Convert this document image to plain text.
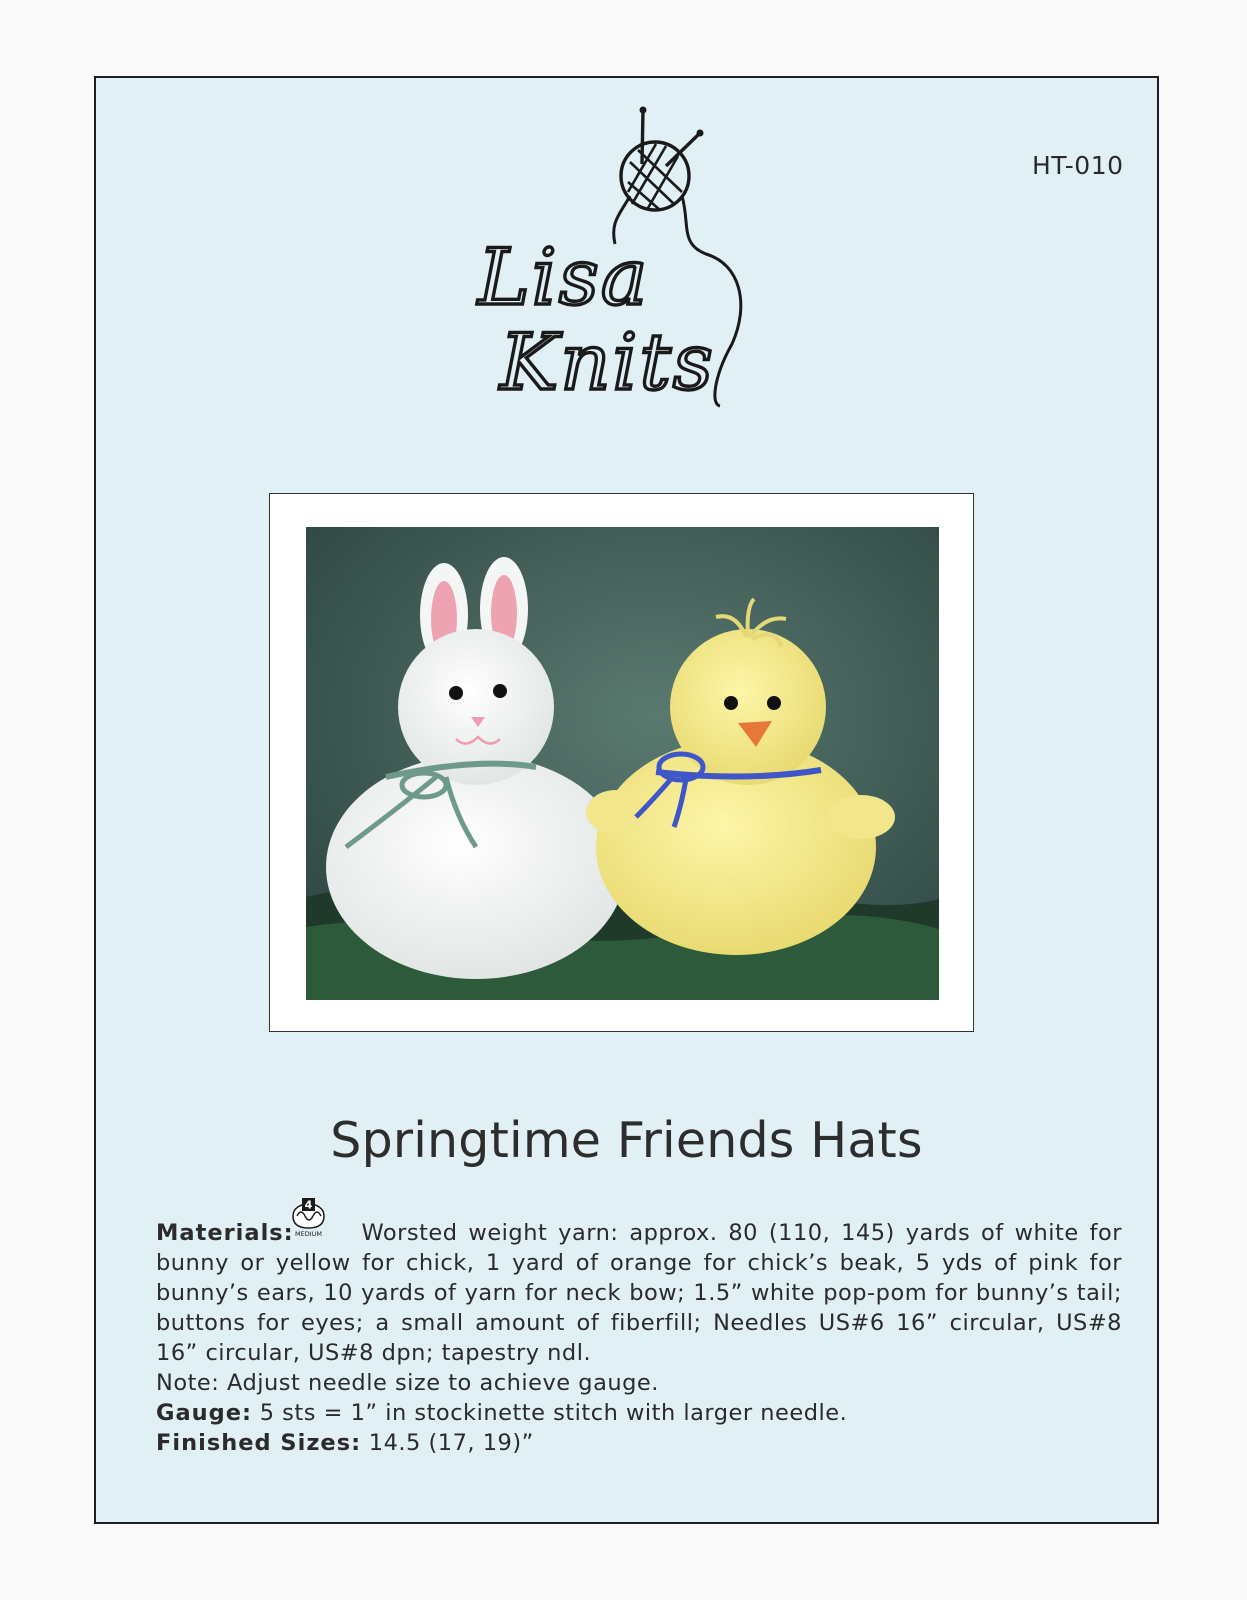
HT-010
Lisa
Knits
Springtime Friends Hats
4
MEDIUM

Materials:	Worsted weight yarn: approx. 80 (110, 145) yards of white for bunny or yellow for chick, 1 yard of orange for chick’s beak, 5 yds of pink for bunny’s ears, 10 yards of yarn for neck bow; 1.5” white pop-pom for bunny’s tail; buttons for eyes; a small amount of fiberfill; Needles US#6 16” circular, US#8 16” circular, US#8 dpn; tapestry ndl.

Note: Adjust needle size to achieve gauge.

Gauge: 5 sts = 1” in stockinette stitch with larger needle.

Finished Sizes: 14.5 (17, 19)”
